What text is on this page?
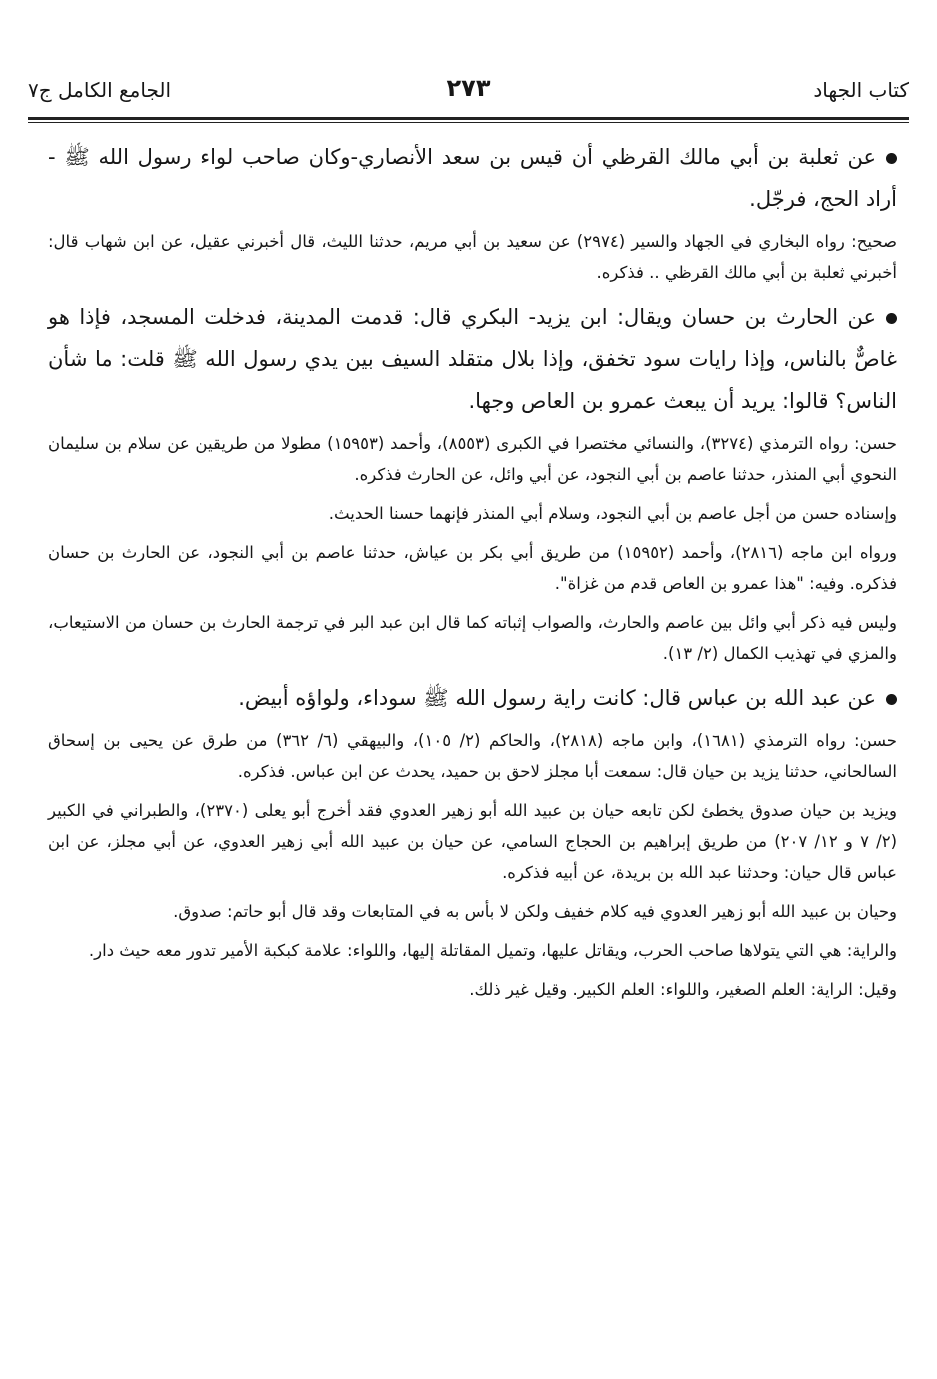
كتاب الجهاد
٢٧٣
الجامع الكامل ج٧

عن ثعلبة بن أبي مالك القرظي أن قيس بن سعد الأنصاري-وكان صاحب لواء رسول الله ﷺ - أراد الحج، فرجّل.

صحيح: رواه البخاري في الجهاد والسير (٢٩٧٤) عن سعيد بن أبي مريم، حدثنا الليث، قال أخبرني عقيل، عن ابن شهاب قال: أخبرني ثعلبة بن أبي مالك القرظي .. فذكره.

عن الحارث بن حسان ويقال: ابن يزيد- البكري قال: قدمت المدينة، فدخلت المسجد، فإذا هو غاصٌّ بالناس، وإذا رايات سود تخفق، وإذا بلال متقلد السيف بين يدي رسول الله ﷺ قلت: ما شأن الناس؟ قالوا: يريد أن يبعث عمرو بن العاص وجها.

حسن: رواه الترمذي (٣٢٧٤)، والنسائي مختصرا في الكبرى (٨٥٥٣)، وأحمد (١٥٩٥٣) مطولا من طريقين عن سلام بن سليمان النحوي أبي المنذر، حدثنا عاصم بن أبي النجود، عن أبي وائل، عن الحارث فذكره.

وإسناده حسن من أجل عاصم بن أبي النجود، وسلام أبي المنذر فإنهما حسنا الحديث.

ورواه ابن ماجه (٢٨١٦)، وأحمد (١٥٩٥٢) من طريق أبي بكر بن عياش، حدثنا عاصم بن أبي النجود، عن الحارث بن حسان فذكره. وفيه: "هذا عمرو بن العاص قدم من غزاة".

وليس فيه ذكر أبي وائل بين عاصم والحارث، والصواب إثباته كما قال ابن عبد البر في ترجمة الحارث بن حسان من الاستيعاب، والمزي في تهذيب الكمال (٢/ ١٣).

عن عبد الله بن عباس قال: كانت راية رسول الله ﷺ سوداء، ولواؤه أبيض.

حسن: رواه الترمذي (١٦٨١)، وابن ماجه (٢٨١٨)، والحاكم (٢/ ١٠٥)، والبيهقي (٦/ ٣٦٢) من طرق عن يحيى بن إسحاق السالحاني، حدثنا يزيد بن حيان قال: سمعت أبا مجلز لاحق بن حميد، يحدث عن ابن عباس. فذكره.

ويزيد بن حيان صدوق يخطئ لكن تابعه حيان بن عبيد الله أبو زهير العدوي فقد أخرج أبو يعلى (٢٣٧٠)، والطبراني في الكبير (٢/ ٧ و ١٢/ ٢٠٧) من طريق إبراهيم بن الحجاج السامي، عن حيان بن عبيد الله أبي زهير العدوي، عن أبي مجلز، عن ابن عباس قال حيان: وحدثنا عبد الله بن بريدة، عن أبيه فذكره.

وحيان بن عبيد الله أبو زهير العدوي فيه كلام خفيف ولكن لا بأس به في المتابعات وقد قال أبو حاتم: صدوق.

والراية: هي التي يتولاها صاحب الحرب، ويقاتل عليها، وتميل المقاتلة إليها، واللواء: علامة كبكبة الأمير تدور معه حيث دار.

وقيل: الراية: العلم الصغير، واللواء: العلم الكبير. وقيل غير ذلك.
